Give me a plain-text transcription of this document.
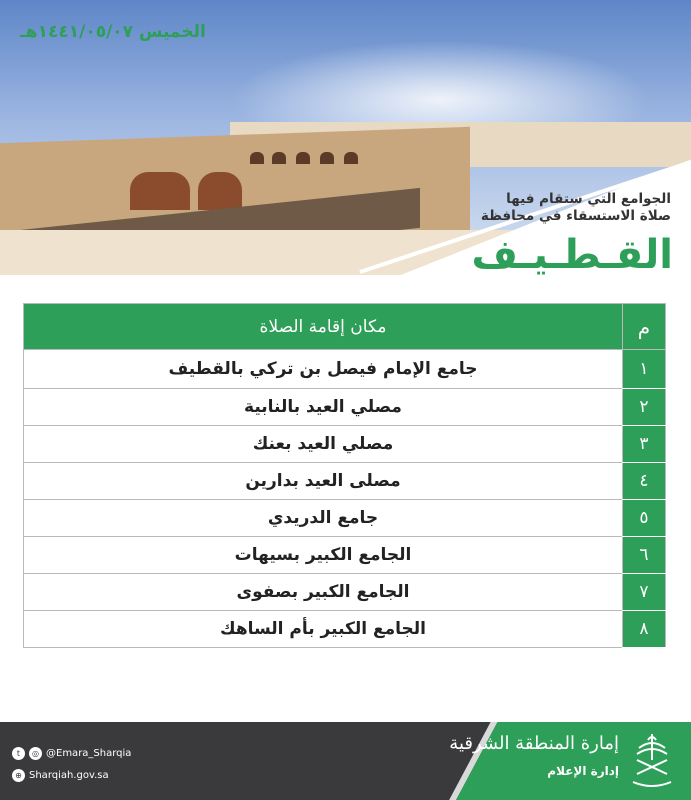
الخميس ١٤٤١/٠٥/٠٧هـ
الجوامع التي ستقام فيها
صلاة الاستسقاء في محافظة
القـطـيـف
م	مكان إقامة الصلاة
١	جامع الإمام فيصل بن تركي بالقطيف
٢	مصلي العيد بالنابية
٣	مصلي العيد بعنك
٤	مصلى العيد بدارين
٥	جامع الدريدي
٦	الجامع الكبير بسيهات
٧	الجامع الكبير بصفوى
٨	الجامع الكبير بأم الساهك
t	◎ @Emara_Sharqia
⊕ Sharqiah.gov.sa
إمارة المنطقة الشرقية
إدارة الإعلام
